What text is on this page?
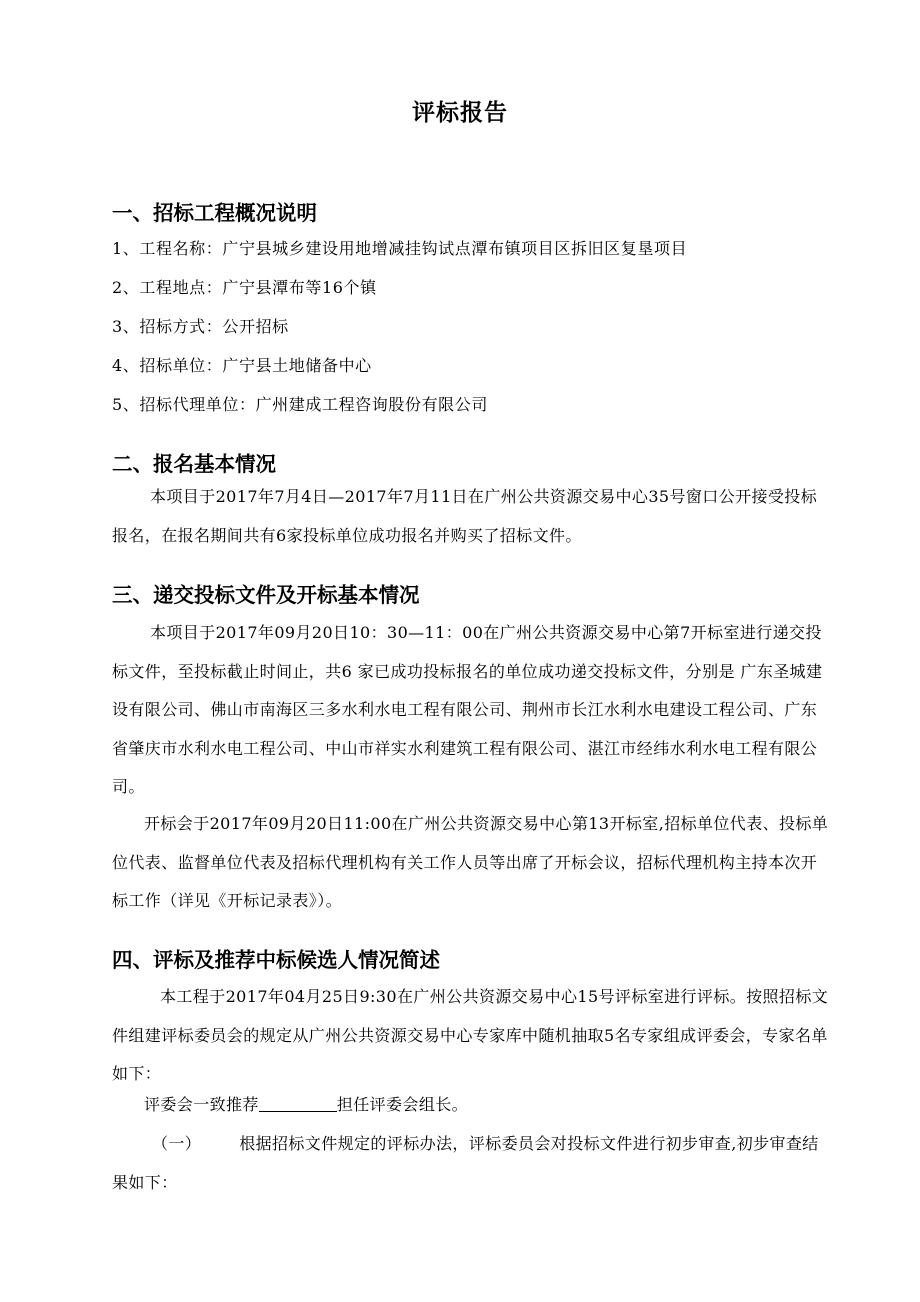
评标报告
一、招标工程概况说明
1、工程名称：广宁县城乡建设用地增减挂钩试点潭布镇项目区拆旧区复垦项目
2、工程地点：广宁县潭布等16个镇
3、招标方式：公开招标
4、招标单位：广宁县土地储备中心
5、招标代理单位：广州建成工程咨询股份有限公司
二、报名基本情况
本项目于2017年7月4日—2017年7月11日在广州公共资源交易中心35号窗口公开接受投标报名，在报名期间共有6家投标单位成功报名并购买了招标文件。
三、递交投标文件及开标基本情况
本项目于2017年09月20日10：30—11：00在广州公共资源交易中心第7开标室进行递交投标文件，至投标截止时间止，共6 家已成功投标报名的单位成功递交投标文件，分别是 广东圣城建设有限公司、佛山市南海区三多水利水电工程有限公司、荆州市长江水利水电建设工程公司、广东省肇庆市水利水电工程公司、中山市祥实水利建筑工程有限公司、湛江市经纬水利水电工程有限公司。
开标会于2017年09月20日11:00在广州公共资源交易中心第13开标室,招标单位代表、投标单位代表、监督单位代表及招标代理机构有关工作人员等出席了开标会议，招标代理机构主持本次开标工作（详见《开标记录表》）。
四、评标及推荐中标候选人情况简述
本工程于2017年04月25日9:30在广州公共资源交易中心15号评标室进行评标。按照招标文件组建评标委员会的规定从广州公共资源交易中心专家库中随机抽取5名专家组成评委会，专家名单如下：
评委会一致推荐	担任评委会组长。
（一） 根据招标文件规定的评标办法，评标委员会对投标文件进行初步审查,初步审查结果如下：
